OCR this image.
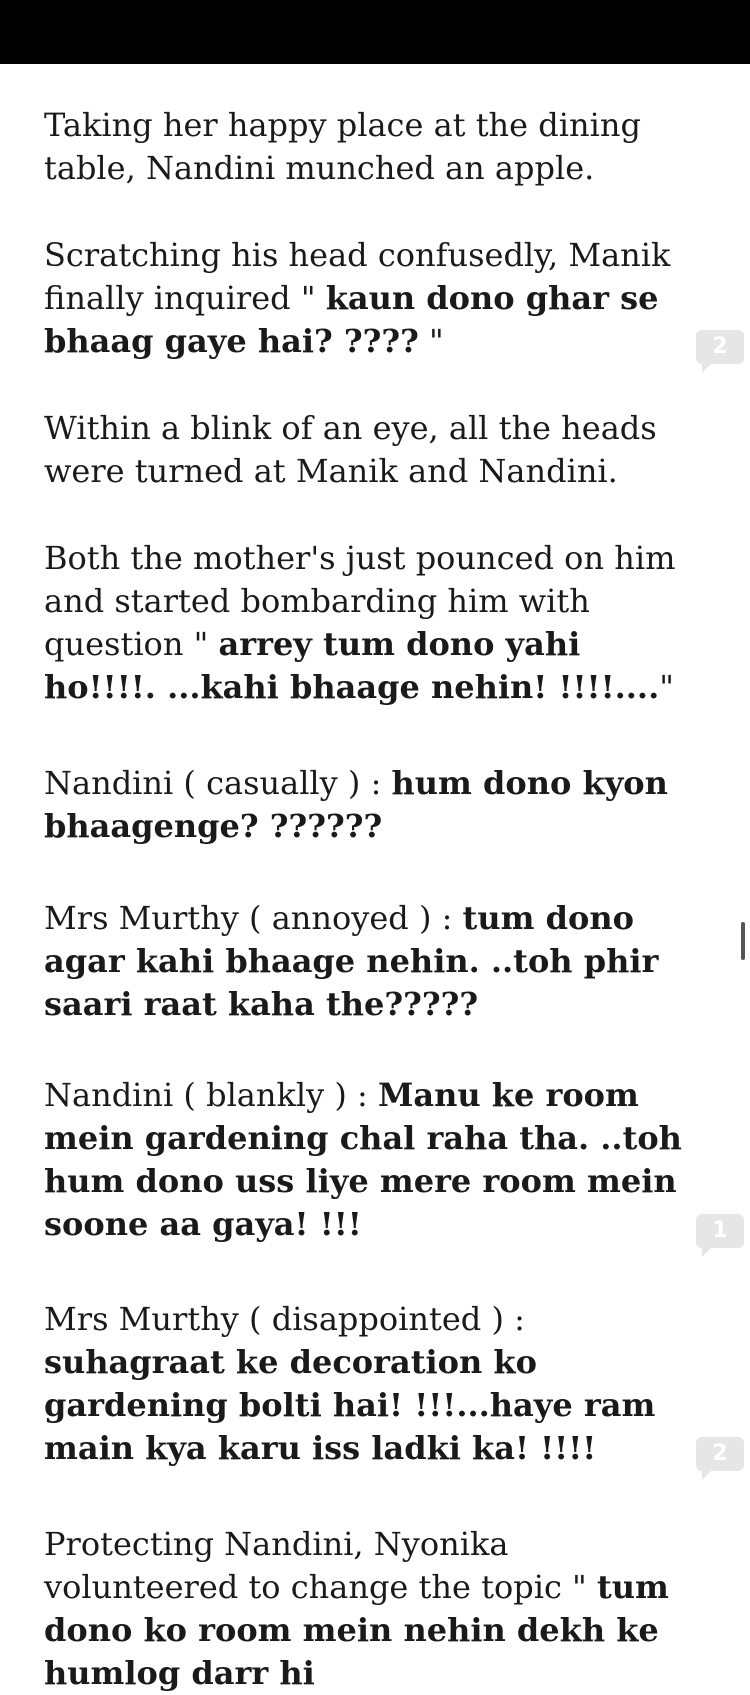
Taking her happy place at the dining table, Nandini munched an apple.

Scratching his head confusedly, Manik finally inquired " kaun dono ghar se bhaag gaye hai? ???? "

Within a blink of an eye, all the heads were turned at Manik and Nandini.

Both the mother's just pounced on him and started bombarding him with question " arrey tum dono yahi ho!!!!. ...kahi bhaage nehin! !!!!...."

Nandini ( casually ) : hum dono kyon bhaagenge? ??????

Mrs Murthy ( annoyed ) : tum dono agar kahi bhaage nehin. ..toh phir saari raat kaha the?????

Nandini ( blankly ) : Manu ke room mein gardening chal raha tha. ..toh hum dono uss liye mere room mein soone aa gaya! !!!

Mrs Murthy ( disappointed ) : suhagraat ke decoration ko gardening bolti hai! !!!...haye ram main kya karu iss ladki ka! !!!!

Protecting Nandini, Nyonika volunteered to change the topic " tum dono ko room mein nehin dekh ke humlog darr hi

2
1
2
